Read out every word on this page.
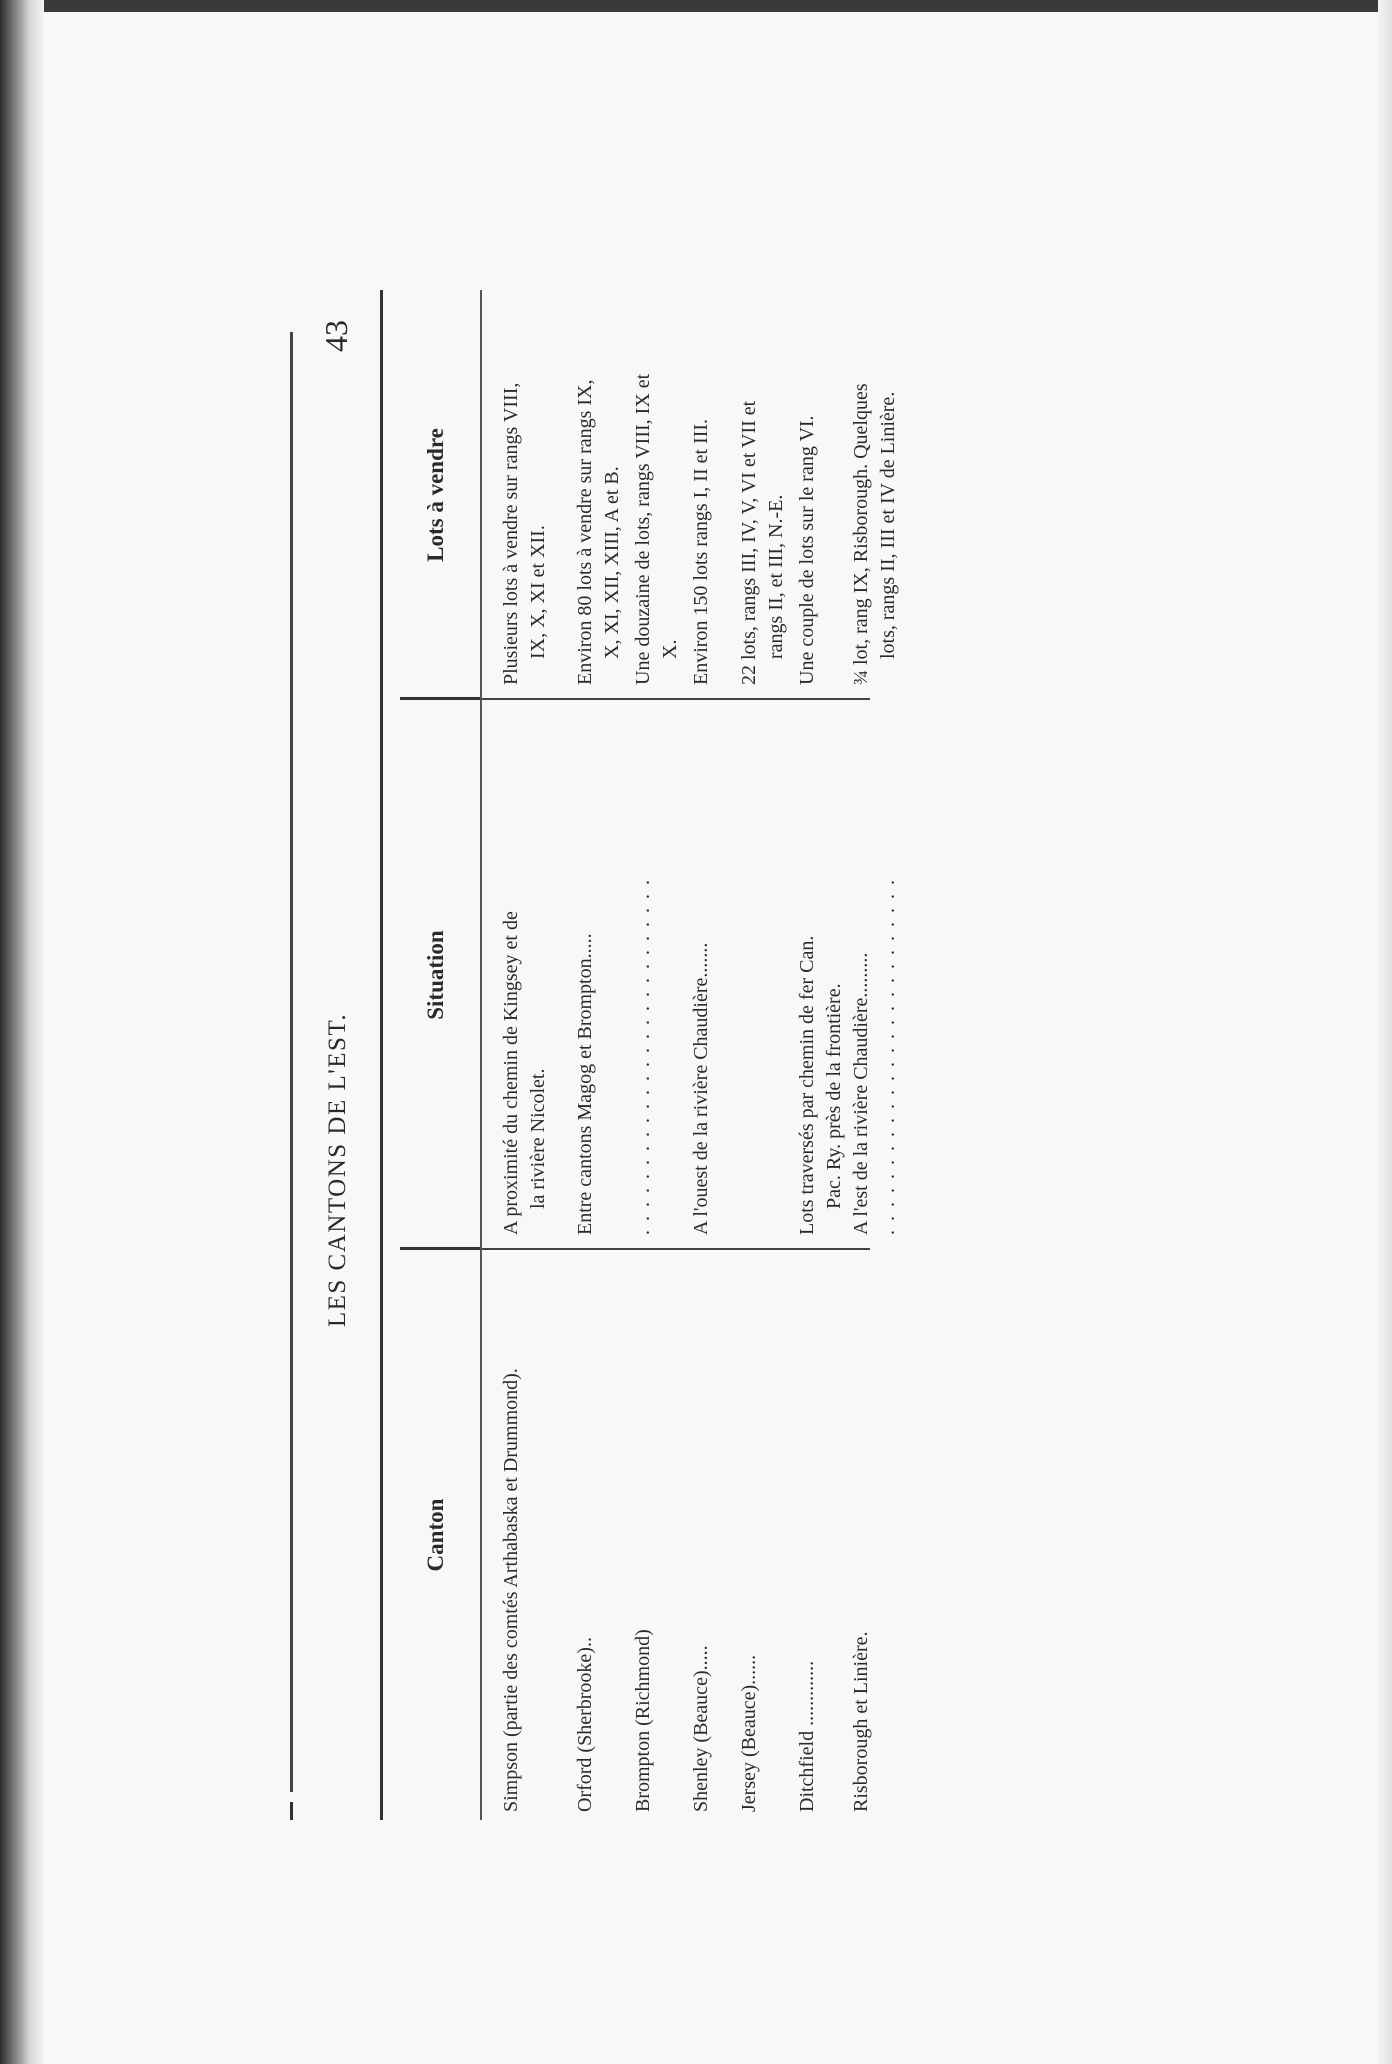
LES CANTONS DE L'EST.
43
Canton
Situation
Lots à vendre
Simpson (partie des comtés Arthabaska et Drummond).
A proximité du chemin de Kingsey et de la rivière Nicolet.
Plusieurs lots à vendre sur rangs VIII, IX, X, XI et XII.
Orford (Sherbrooke)..
Entre cantons Magog et Brompton.....
Environ 80 lots à vendre sur rangs IX, X, XI, XII, XIII, A et B.
Brompton (Richmond)
. . . . . . . . . . . . . . . . . . . . . . . . . .
Une douzaine de lots, rangs VIII, IX et X.
Shenley (Beauce).....
A l'ouest de la rivière Chaudière.......
Environ 150 lots rangs I, II et III.
Jersey (Beauce)......
22 lots, rangs III, IV, V, VI et VII et rangs II, et III, N.-E.
Ditchfield .............
Lots traversés par chemin de fer Can. Pac. Ry. près de la frontière.
Une couple de lots sur le rang VI.
Risborough et Linière.
A l'est de la rivière Chaudière......... . . . . . . . . . . . . . . . . . . . . . . . . . .
¾ lot, rang IX, Risborough. Quelques lots, rangs II, III et IV de Linière.
